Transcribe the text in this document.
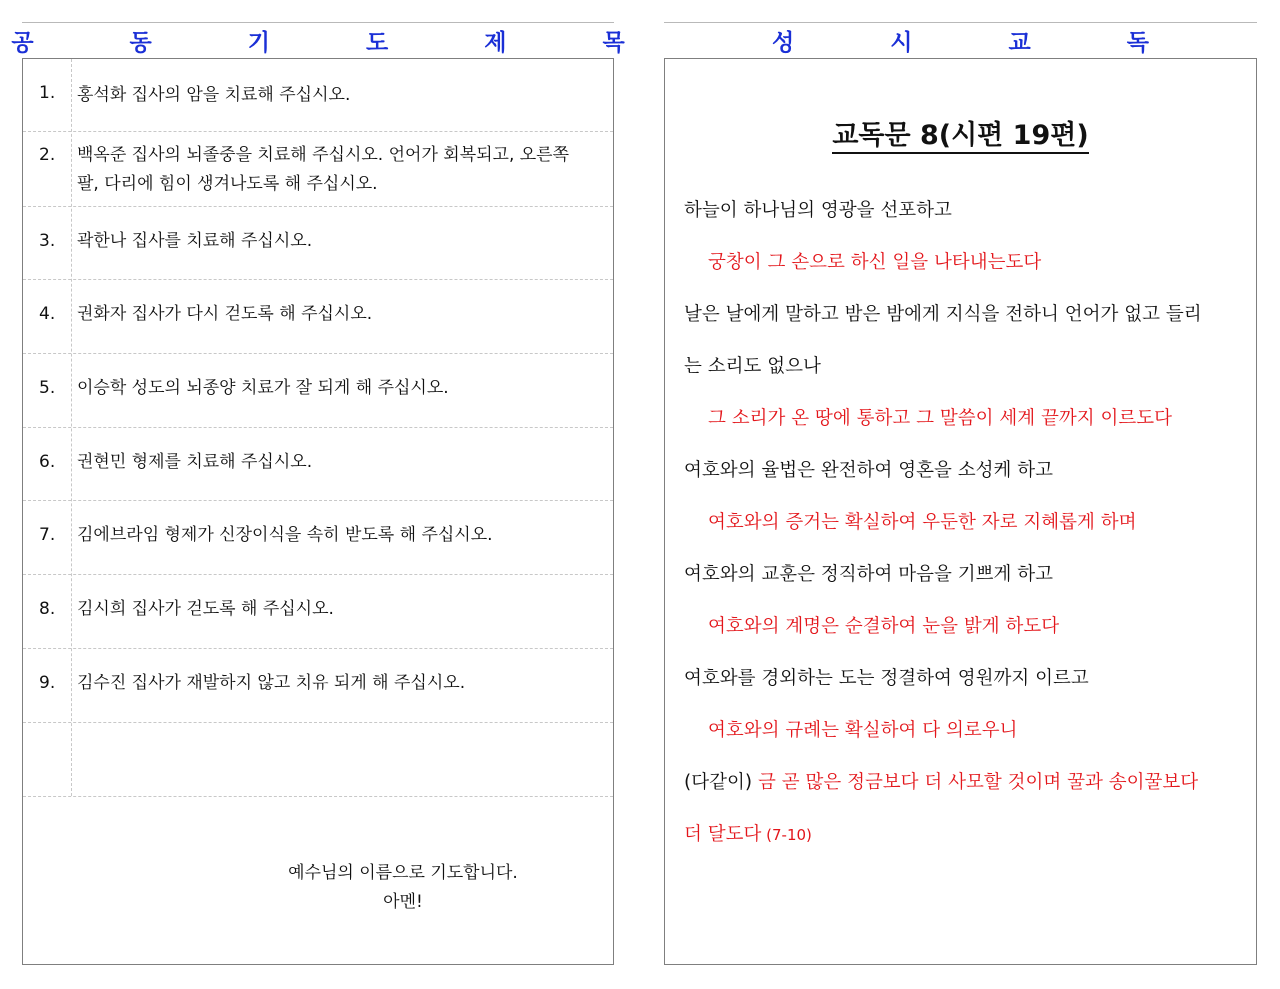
공 동 기 도 제 목	성 시 교 독
1.	홍석화 집사의 암을 치료해 주십시오.
2.	백옥준 집사의 뇌졸중을 치료해 주십시오. 언어가 회복되고, 오른쪽 팔, 다리에 힘이 생겨나도록 해 주십시오.
3.	곽한나 집사를 치료해 주십시오.
4.	권화자 집사가 다시 걷도록 해 주십시오.
5.	이승학 성도의 뇌종양 치료가 잘 되게 해 주십시오.
6.	권현민 형제를 치료해 주십시오.
7.	김에브라임 형제가 신장이식을 속히 받도록 해 주십시오.
8.	김시희 집사가 걷도록 해 주십시오.
9.	김수진 집사가 재발하지 않고 치유 되게 해 주십시오.
예수님의 이름으로 기도합니다.
아멘!
교독문 8(시편 19편)
하늘이 하나님의 영광을 선포하고
궁창이 그 손으로 하신 일을 나타내는도다
날은 날에게 말하고 밤은 밤에게 지식을 전하니 언어가 없고 들리
는 소리도 없으나
그 소리가 온 땅에 통하고 그 말씀이 세계 끝까지 이르도다
여호와의 율법은 완전하여 영혼을 소성케 하고
여호와의 증거는 확실하여 우둔한 자로 지혜롭게 하며
여호와의 교훈은 정직하여 마음을 기쁘게 하고
여호와의 계명은 순결하여 눈을 밝게 하도다
여호와를 경외하는 도는 정결하여 영원까지 이르고
여호와의 규례는 확실하여 다 의로우니
(다같이) 금 곧 많은 정금보다 더 사모할 것이며 꿀과 송이꿀보다
더 달도다 (7-10)
